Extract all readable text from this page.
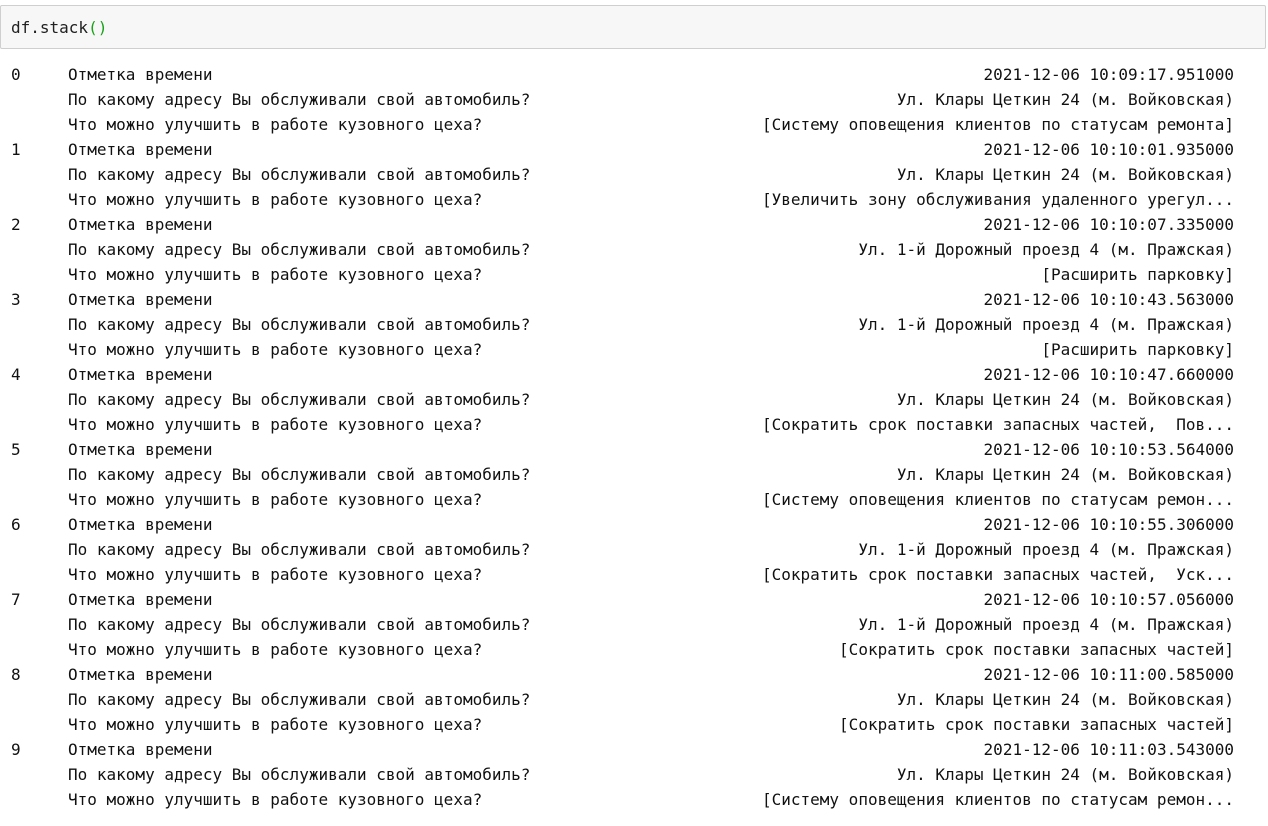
df.stack()
0	Отметка времени	2021-12-06 10:09:17.951000
По какому адресу Вы обслуживали свой автомобиль?	Ул. Клары Цеткин 24 (м. Войковская)
Что можно улучшить в работе кузовного цеха?	[Систему оповещения клиентов по статусам ремонта]
1	Отметка времени	2021-12-06 10:10:01.935000
По какому адресу Вы обслуживали свой автомобиль?	Ул. Клары Цеткин 24 (м. Войковская)
Что можно улучшить в работе кузовного цеха?	[Увеличить зону обслуживания удаленного урегул...
2	Отметка времени	2021-12-06 10:10:07.335000
По какому адресу Вы обслуживали свой автомобиль?	Ул. 1-й Дорожный проезд 4 (м. Пражская)
Что можно улучшить в работе кузовного цеха?	[Расширить парковку]
3	Отметка времени	2021-12-06 10:10:43.563000
По какому адресу Вы обслуживали свой автомобиль?	Ул. 1-й Дорожный проезд 4 (м. Пражская)
Что можно улучшить в работе кузовного цеха?	[Расширить парковку]
4	Отметка времени	2021-12-06 10:10:47.660000
По какому адресу Вы обслуживали свой автомобиль?	Ул. Клары Цеткин 24 (м. Войковская)
Что можно улучшить в работе кузовного цеха?	[Сократить срок поставки запасных частей,  Пов...
5	Отметка времени	2021-12-06 10:10:53.564000
По какому адресу Вы обслуживали свой автомобиль?	Ул. Клары Цеткин 24 (м. Войковская)
Что можно улучшить в работе кузовного цеха?	[Систему оповещения клиентов по статусам ремон...
6	Отметка времени	2021-12-06 10:10:55.306000
По какому адресу Вы обслуживали свой автомобиль?	Ул. 1-й Дорожный проезд 4 (м. Пражская)
Что можно улучшить в работе кузовного цеха?	[Сократить срок поставки запасных частей,  Уск...
7	Отметка времени	2021-12-06 10:10:57.056000
По какому адресу Вы обслуживали свой автомобиль?	Ул. 1-й Дорожный проезд 4 (м. Пражская)
Что можно улучшить в работе кузовного цеха?	[Сократить срок поставки запасных частей]
8	Отметка времени	2021-12-06 10:11:00.585000
По какому адресу Вы обслуживали свой автомобиль?	Ул. Клары Цеткин 24 (м. Войковская)
Что можно улучшить в работе кузовного цеха?	[Сократить срок поставки запасных частей]
9	Отметка времени	2021-12-06 10:11:03.543000
По какому адресу Вы обслуживали свой автомобиль?	Ул. Клары Цеткин 24 (м. Войковская)
Что можно улучшить в работе кузовного цеха?	[Систему оповещения клиентов по статусам ремон...
